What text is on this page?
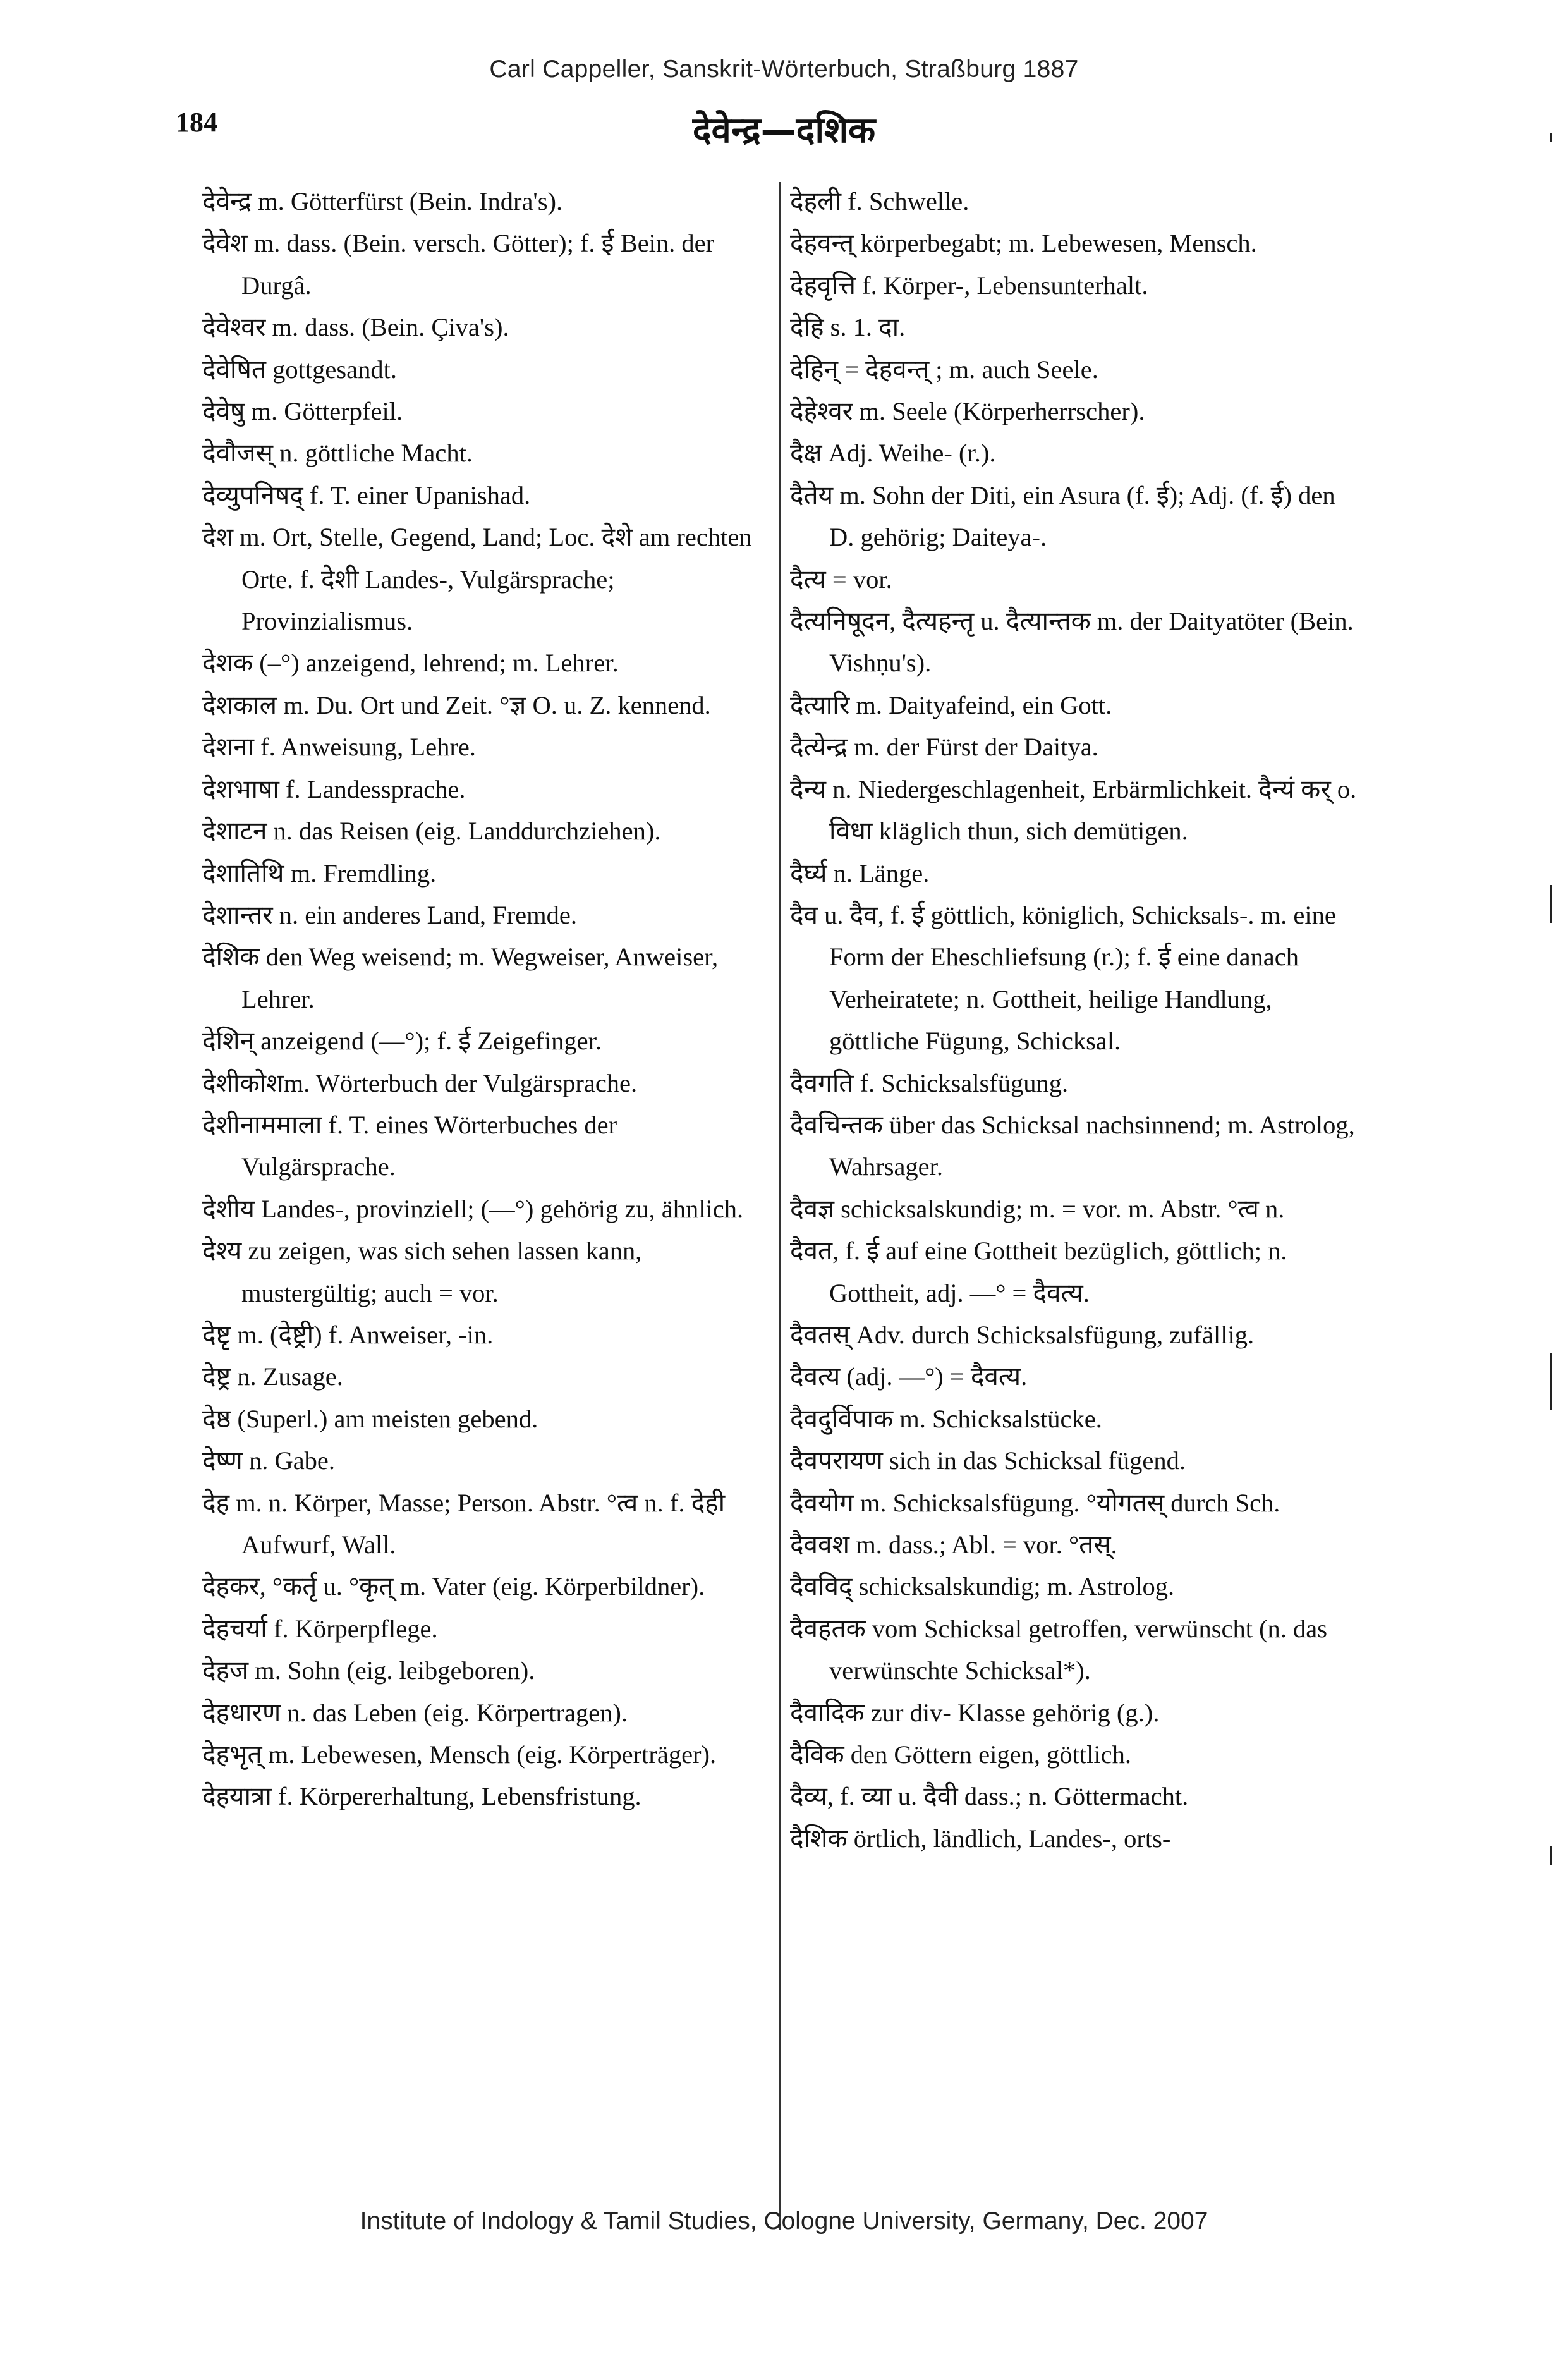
Carl Cappeller, Sanskrit-Wörterbuch, Straßburg 1887
184	देवेन्द्र—दशिक
देवेन्द्र m. Götterfürst (Bein. Indra's).
देवेश m. dass. (Bein. versch. Götter); f. ई Bein. der Durgâ.
देवेश्वर m. dass. (Bein. Çiva's).
देवेषित gottgesandt.
देवेषु m. Götterpfeil.
देवौजस् n. göttliche Macht.
देव्युपनिषद् f. T. einer Upanishad.
देश m. Ort, Stelle, Gegend, Land; Loc. देशे am rechten Orte. f. देशी Landes-, Vulgärsprache; Provinzialismus.
देशक (–°) anzeigend, lehrend; m. Lehrer.
देशकाल m. Du. Ort und Zeit. °ज्ञ O. u. Z. kennend.
देशना f. Anweisung, Lehre.
देशभाषा f. Landessprache.
देशाटन n. das Reisen (eig. Landdurchziehen).
देशातिथि m. Fremdling.
देशान्तर n. ein anderes Land, Fremde.
देशिक den Weg weisend; m. Wegweiser, Anweiser, Lehrer.
देशिन् anzeigend (—°); f. ई Zeigefinger.
देशीकोशm. Wörterbuch der Vulgärsprache.
देशीनाममाला f. T. eines Wörterbuches der Vulgärsprache.
देशीय Landes-, provinziell; (—°) gehörig zu, ähnlich.
देश्य zu zeigen, was sich sehen lassen kann, mustergültig; auch = vor.
देष्टृ m. (देष्ट्री) f. Anweiser, -in.
देष्ट्र n. Zusage.
देष्ठ (Superl.) am meisten gebend.
देष्ण n. Gabe.
देह m. n. Körper, Masse; Person. Abstr. °त्व n. f. देही Aufwurf, Wall.
देहकर, °कर्तृ u. °कृत् m. Vater (eig. Körperbildner).
देहचर्या f. Körperpflege.
देहज m. Sohn (eig. leibgeboren).
देहधारण n. das Leben (eig. Körpertragen).
देहभृत् m. Lebewesen, Mensch (eig. Körperträger).
देहयात्रा f. Körpererhaltung, Lebensfristung.
देहली f. Schwelle.
देहवन्त् körperbegabt; m. Lebewesen, Mensch.
देहवृत्ति f. Körper-, Lebensunterhalt.
देहि s. 1. दा.
देहिन् = देहवन्त् ; m. auch Seele.
देहेश्वर m. Seele (Körperherrscher).
दैक्ष Adj. Weihe- (r.).
दैतेय m. Sohn der Diti, ein Asura (f. ई); Adj. (f. ई) den D. gehörig; Daiteya-.
दैत्य = vor.
दैत्यनिषूदन, दैत्यहन्तृ u. दैत्यान्तक m. der Daityatöter (Bein. Vishṇu's).
दैत्यारि m. Daityafeind, ein Gott.
दैत्येन्द्र m. der Fürst der Daitya.
दैन्य n. Niedergeschlagenheit, Erbärmlichkeit. दैन्यं कर् o. विधा kläglich thun, sich demütigen.
दैर्घ्य n. Länge.
दैव u. दैव, f. ई göttlich, königlich, Schicksals-. m. eine Form der Eheschliefsung (r.); f. ई eine danach Verheiratete; n. Gottheit, heilige Handlung, göttliche Fügung, Schicksal.
दैवगति f. Schicksalsfügung.
दैवचिन्तक über das Schicksal nachsinnend; m. Astrolog, Wahrsager.
दैवज्ञ schicksalskundig; m. = vor. m. Abstr. °त्व n.
दैवत, f. ई auf eine Gottheit bezüglich, göttlich; n. Gottheit, adj. —° = दैवत्य.
दैवतस् Adv. durch Schicksalsfügung, zufällig.
दैवत्य (adj. —°) = दैवत्य.
दैवदुर्विपाक m. Schicksalstücke.
दैवपरायण sich in das Schicksal fügend.
दैवयोग m. Schicksalsfügung. °योगतस् durch Sch.
दैववश m. dass.; Abl. = vor. °तस्.
दैवविद् schicksalskundig; m. Astrolog.
दैवहतक vom Schicksal getroffen, verwünscht (n. das verwünschte Schicksal*).
दैवादिक zur div- Klasse gehörig (g.).
दैविक den Göttern eigen, göttlich.
दैव्य, f. व्या u. दैवी dass.; n. Göttermacht.
दैशिक örtlich, ländlich, Landes-, orts-
Institute of Indology & Tamil Studies, Cologne University, Germany, Dec. 2007
